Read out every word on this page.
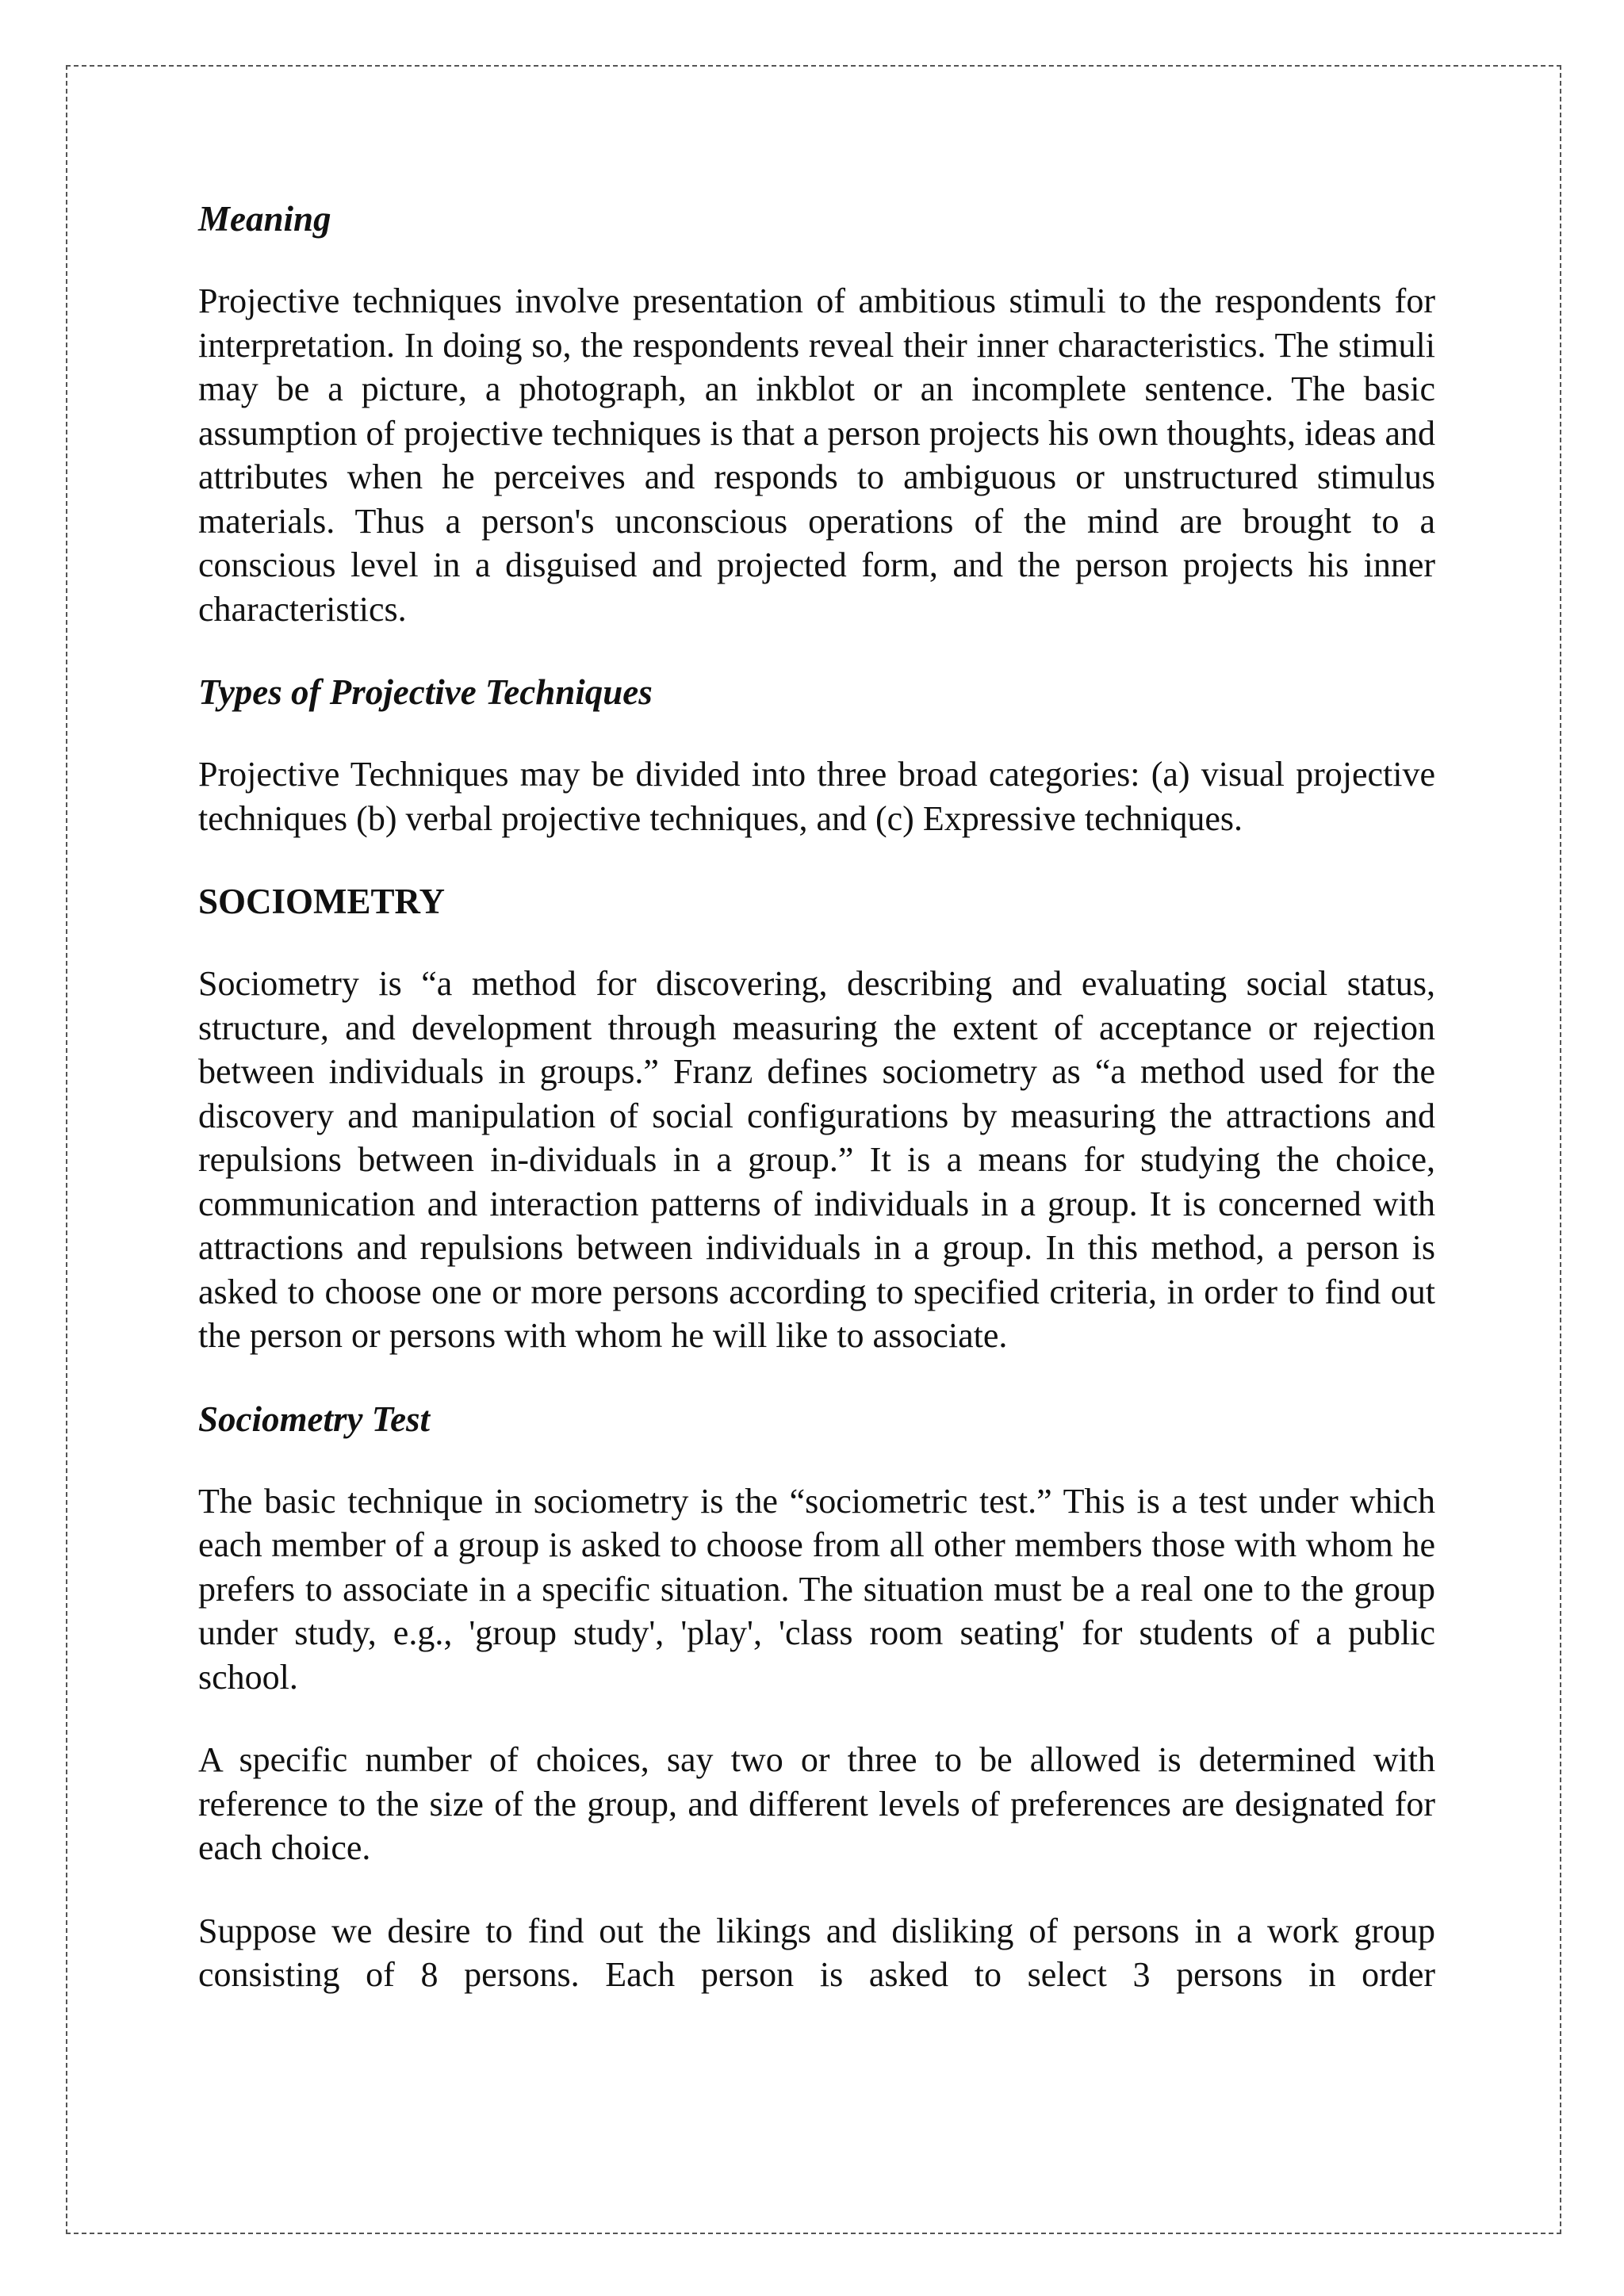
Meaning

Projective techniques involve presentation of ambitious stimuli to the respondents for interpretation. In doing so, the respondents reveal their inner characteristics. The stimuli may be a picture, a photograph, an inkblot or an incomplete sentence. The basic assumption of projective techniques is that a person projects his own thoughts, ideas and attributes when he perceives and responds to ambiguous or unstructured stimulus materials. Thus a person's unconscious operations of the mind are brought to a conscious level in a disguised and projected form, and the person projects his inner characteristics.

Types of Projective Techniques

Projective Techniques may be divided into three broad categories: (a) visual projective techniques (b) verbal projective techniques, and (c) Expressive techniques.

SOCIOMETRY

Sociometry is “a method for discovering, describing and evaluating social status, structure, and development through measuring the extent of acceptance or rejection between individuals in groups.” Franz defines sociometry as “a method used for the discovery and manipulation of social configurations by measuring the attractions and repulsions between in-dividuals in a group.” It is a means for studying the choice, communication and interaction patterns of individuals in a group. It is concerned with attractions and repulsions between individuals in a group. In this method, a person is asked to choose one or more persons according to specified criteria, in order to find out the person or persons with whom he will like to associate.

Sociometry Test

The basic technique in sociometry is the “sociometric test.” This is a test under which each member of a group is asked to choose from all other members those with whom he prefers to associate in a specific situation. The situation must be a real one to the group under study, e.g., 'group study', 'play', 'class room seating' for students of a public school.

A specific number of choices, say two or three to be allowed is determined with reference to the size of the group, and different levels of preferences are designated for each choice.

Suppose we desire to find out the likings and disliking of persons in a work group consisting of 8 persons. Each person is asked to select 3 persons in order
